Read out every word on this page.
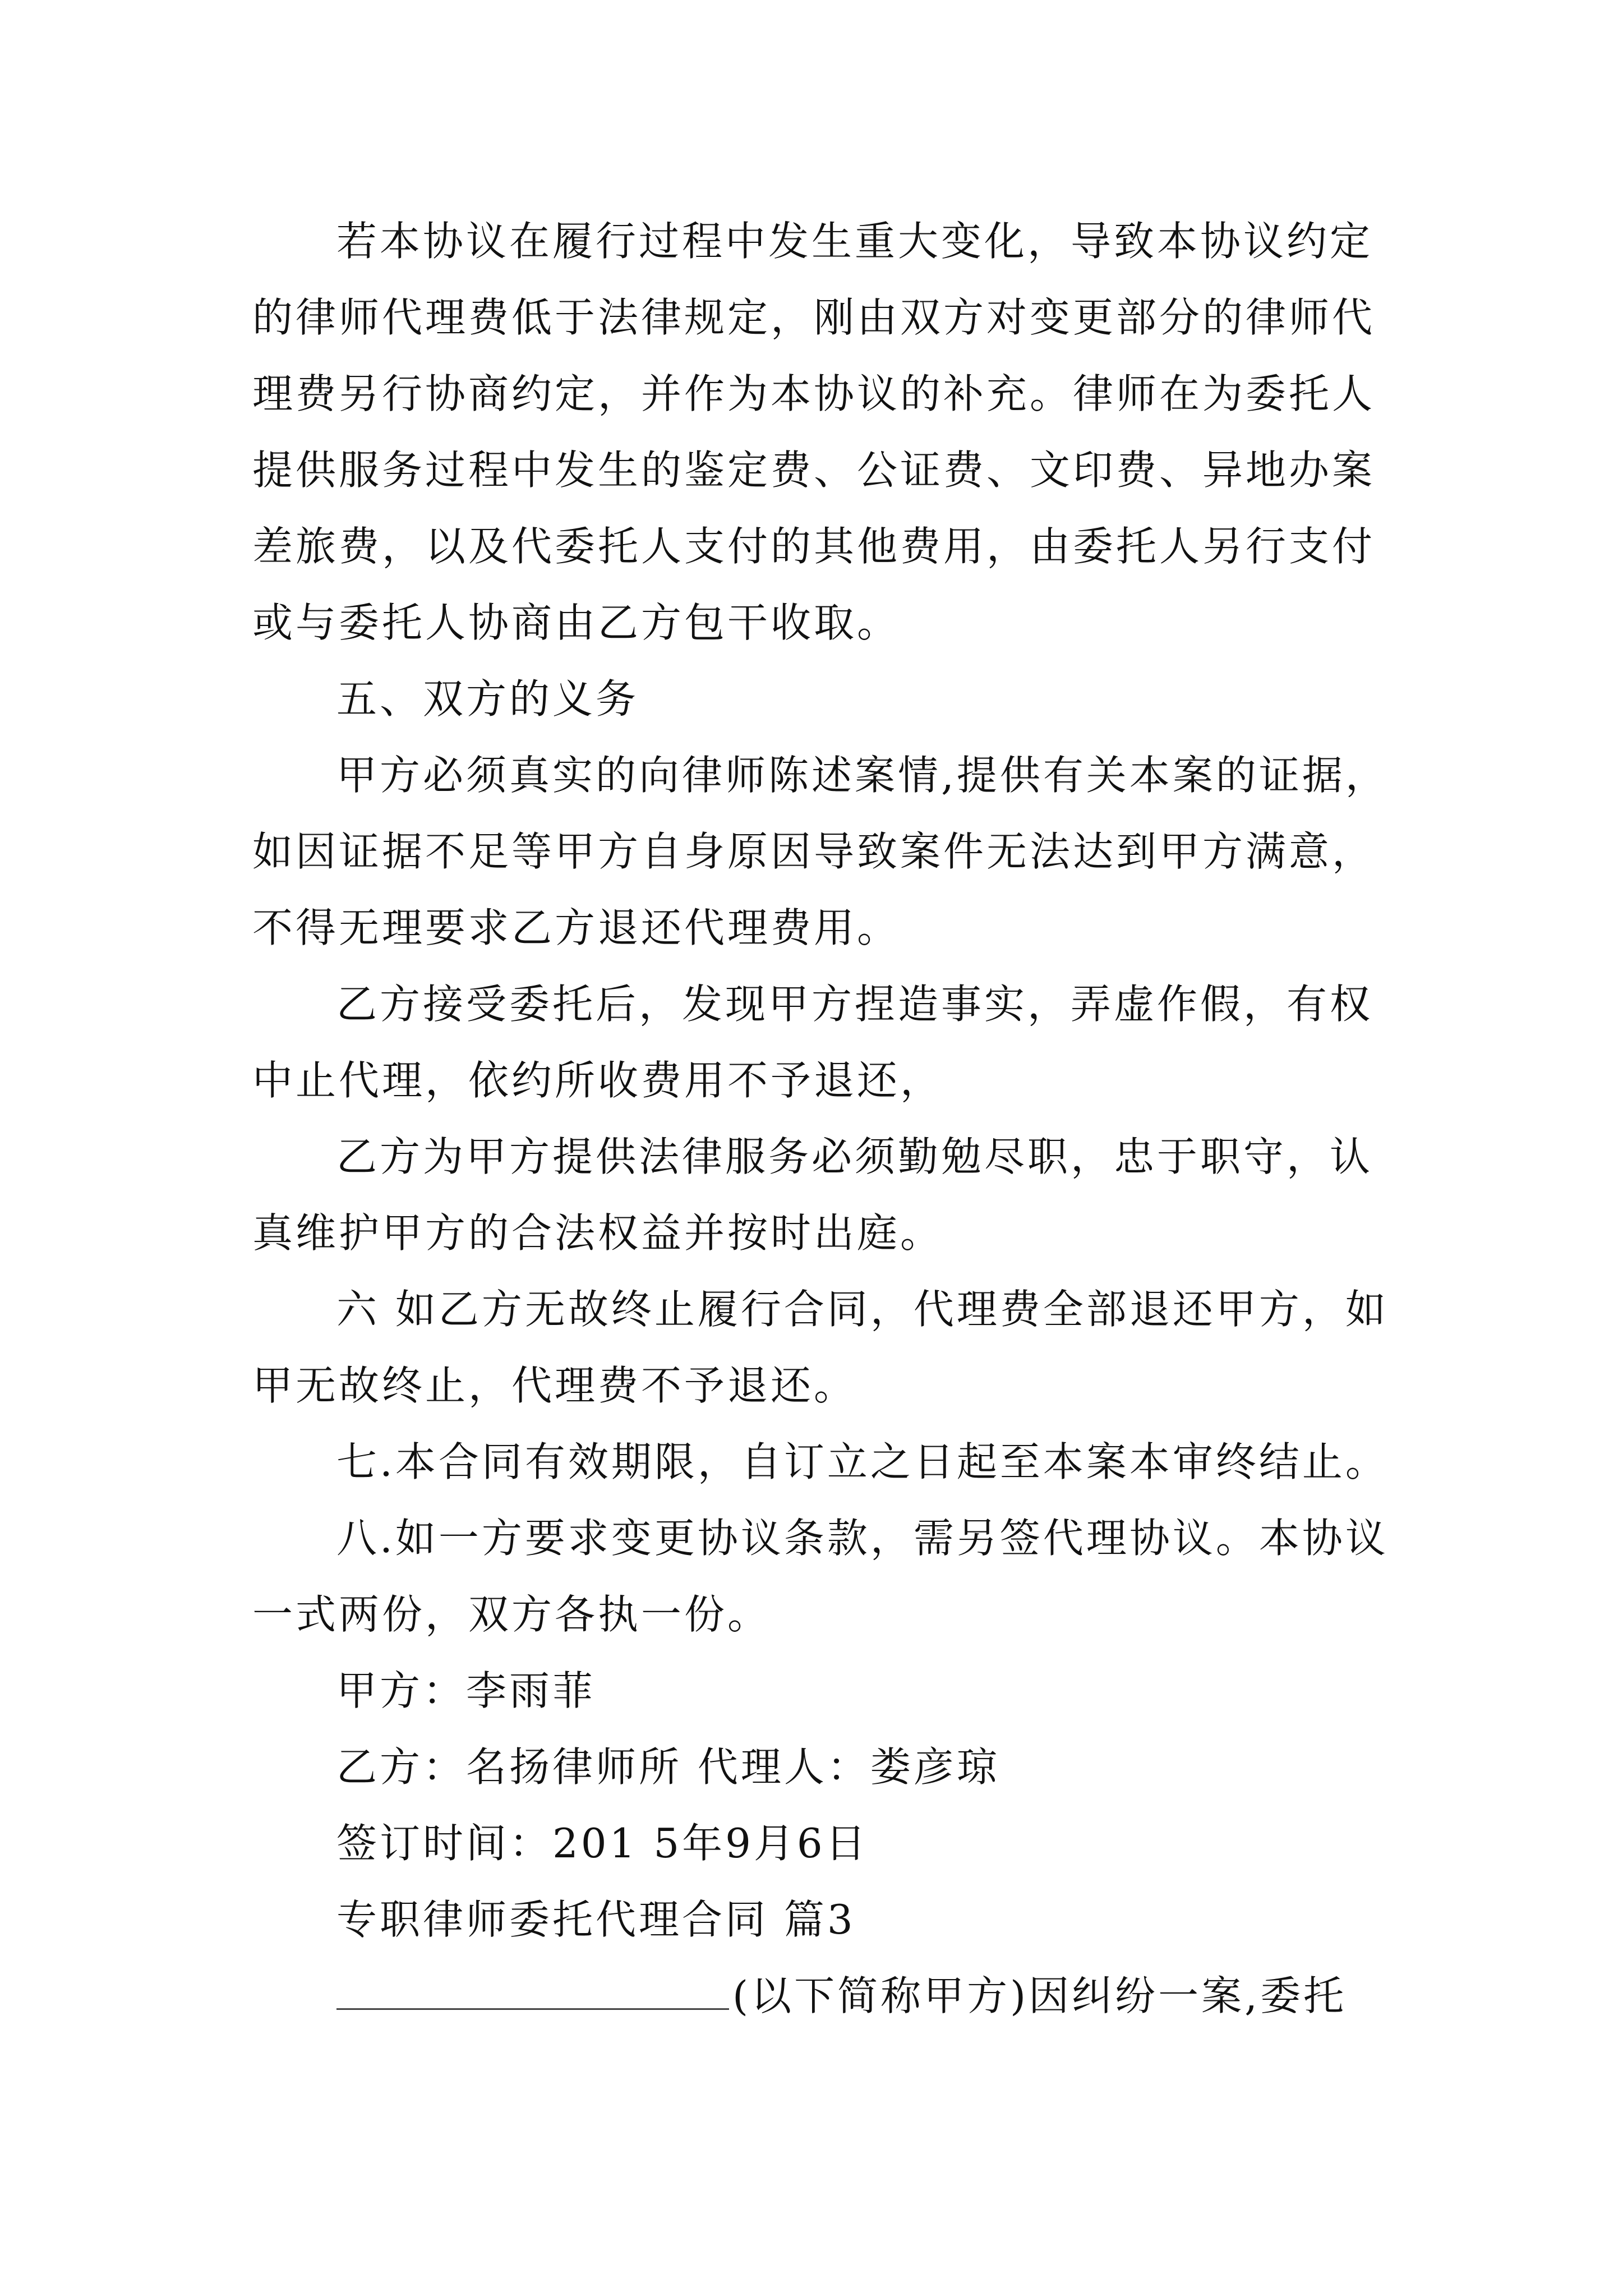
若本协议在履行过程中发生重大变化，导致本协议约定的律师代理费低于法律规定，刚由双方对变更部分的律师代理费另行协商约定，并作为本协议的补充。律师在为委托人提供服务过程中发生的鉴定费、公证费、文印费、异地办案差旅费，以及代委托人支付的其他费用，由委托人另行支付或与委托人协商由乙方包干收取。

五、双方的义务

甲方必须真实的向律师陈述案情,提供有关本案的证据，如因证据不足等甲方自身原因导致案件无法达到甲方满意，不得无理要求乙方退还代理费用。

乙方接受委托后，发现甲方捏造事实，弄虚作假，有权中止代理，依约所收费用不予退还，

乙方为甲方提供法律服务必须勤勉尽职，忠于职守，认真维护甲方的合法权益并按时出庭。

六 如乙方无故终止履行合同，代理费全部退还甲方，如甲无故终止，代理费不予退还。

七.本合同有效期限，自订立之日起至本案本审终结止。

八.如一方要求变更协议条款，需另签代理协议。本协议一式两份，双方各执一份。

甲方：李雨菲

乙方：名扬律师所 代理人：娄彦琼

签订时间：201 5年9月6日

专职律师委托代理合同 篇3

(以下简称甲方)因纠纷一案,委托
